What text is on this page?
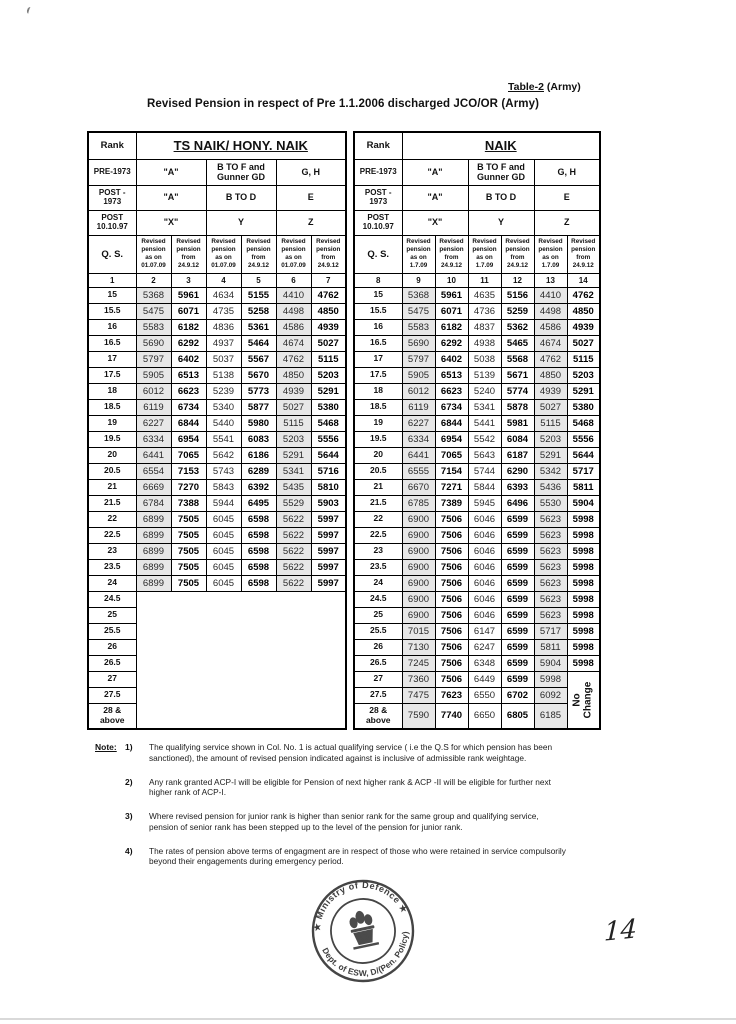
Table-2 (Army)
Revised Pension in respect of Pre 1.1.2006 discharged JCO/OR (Army)
Rank	TS NAIK/ HONY. NAIK					
PRE-1973	"A"		B TO F and
Gunner GD		G, H	
POST -
1973	"A"		B TO D		E	
POST
10.10.97	"X"		Y		Z	
Q. S.	Revised pension as on 01.07.09	Revised pension from 24.9.12	Revised pension as on 01.07.09	Revised pension from 24.9.12	Revised pension as on 01.07.09	Revised pension from 24.9.12
1	2	3	4	5	6	7
15	5368	5961	4634	5155	4410	4762
15.5	5475	6071	4735	5258	4498	4850
16	5583	6182	4836	5361	4586	4939
16.5	5690	6292	4937	5464	4674	5027
17	5797	6402	5037	5567	4762	5115
17.5	5905	6513	5138	5670	4850	5203
18	6012	6623	5239	5773	4939	5291
18.5	6119	6734	5340	5877	5027	5380
19	6227	6844	5440	5980	5115	5468
19.5	6334	6954	5541	6083	5203	5556
20	6441	7065	5642	6186	5291	5644
20.5	6554	7153	5743	6289	5341	5716
21	6669	7270	5843	6392	5435	5810
21.5	6784	7388	5944	6495	5529	5903
22	6899	7505	6045	6598	5622	5997
22.5	6899	7505	6045	6598	5622	5997
23	6899	7505	6045	6598	5622	5997
23.5	6899	7505	6045	6598	5622	5997
24	6899	7505	6045	6598	5622	5997
24.5						
25						
25.5						
26						
26.5						
27						
27.5						
28 &
above						
Rank	NAIK					
PRE-1973	"A"		B TO F and
Gunner GD		G, H	
POST -
1973	"A"		B TO D		E	
POST
10.10.97	"X"		Y		Z	
Q. S.	Revised pension as on 1.7.09	Revised pension from 24.9.12	Revised pension as on 1.7.09	Revised pension from 24.9.12	Revised pension as on 1.7.09	Revised pension from 24.9.12
8	9	10	11	12	13	14
15	5368	5961	4635	5156	4410	4762
15.5	5475	6071	4736	5259	4498	4850
16	5583	6182	4837	5362	4586	4939
16.5	5690	6292	4938	5465	4674	5027
17	5797	6402	5038	5568	4762	5115
17.5	5905	6513	5139	5671	4850	5203
18	6012	6623	5240	5774	4939	5291
18.5	6119	6734	5341	5878	5027	5380
19	6227	6844	5441	5981	5115	5468
19.5	6334	6954	5542	6084	5203	5556
20	6441	7065	5643	6187	5291	5644
20.5	6555	7154	5744	6290	5342	5717
21	6670	7271	5844	6393	5436	5811
21.5	6785	7389	5945	6496	5530	5904
22	6900	7506	6046	6599	5623	5998
22.5	6900	7506	6046	6599	5623	5998
23	6900	7506	6046	6599	5623	5998
23.5	6900	7506	6046	6599	5623	5998
24	6900	7506	6046	6599	5623	5998
24.5	6900	7506	6046	6599	5623	5998
25	6900	7506	6046	6599	5623	5998
25.5	7015	7506	6147	6599	5717	5998
26	7130	7506	6247	6599	5811	5998
26.5	7245	7506	6348	6599	5904	5998
27	7360	7506	6449	6599	5998	No
Change

27.5	7475	7623	6550	6702	6092	
28 &
above	7590	7740	6650	6805	6185	
Note: 1)	The qualifying service shown in Col. No. 1 is actual qualifying service ( i.e the Q.S for which pension has been sanctioned), the amount of revised pension indicated against is inclusive of admissible rank weightage.
2)	Any rank granted ACP-I will be eligible for Pension of next higher rank & ACP -II will be eligible for further next higher rank of ACP-I.
3)	Where revised pension for junior rank is higher than senior rank for the same group and qualifying service, pension of senior rank has been stepped up to the level of the pension for junior rank.
4)	The rates of pension above terms of engagment are in respect of those who were retained in service compulsorily beyond their engagements during emergency period.
★ Ministry of Defence ★
Dept. of ESW, D/(Pen. Policy)	14
